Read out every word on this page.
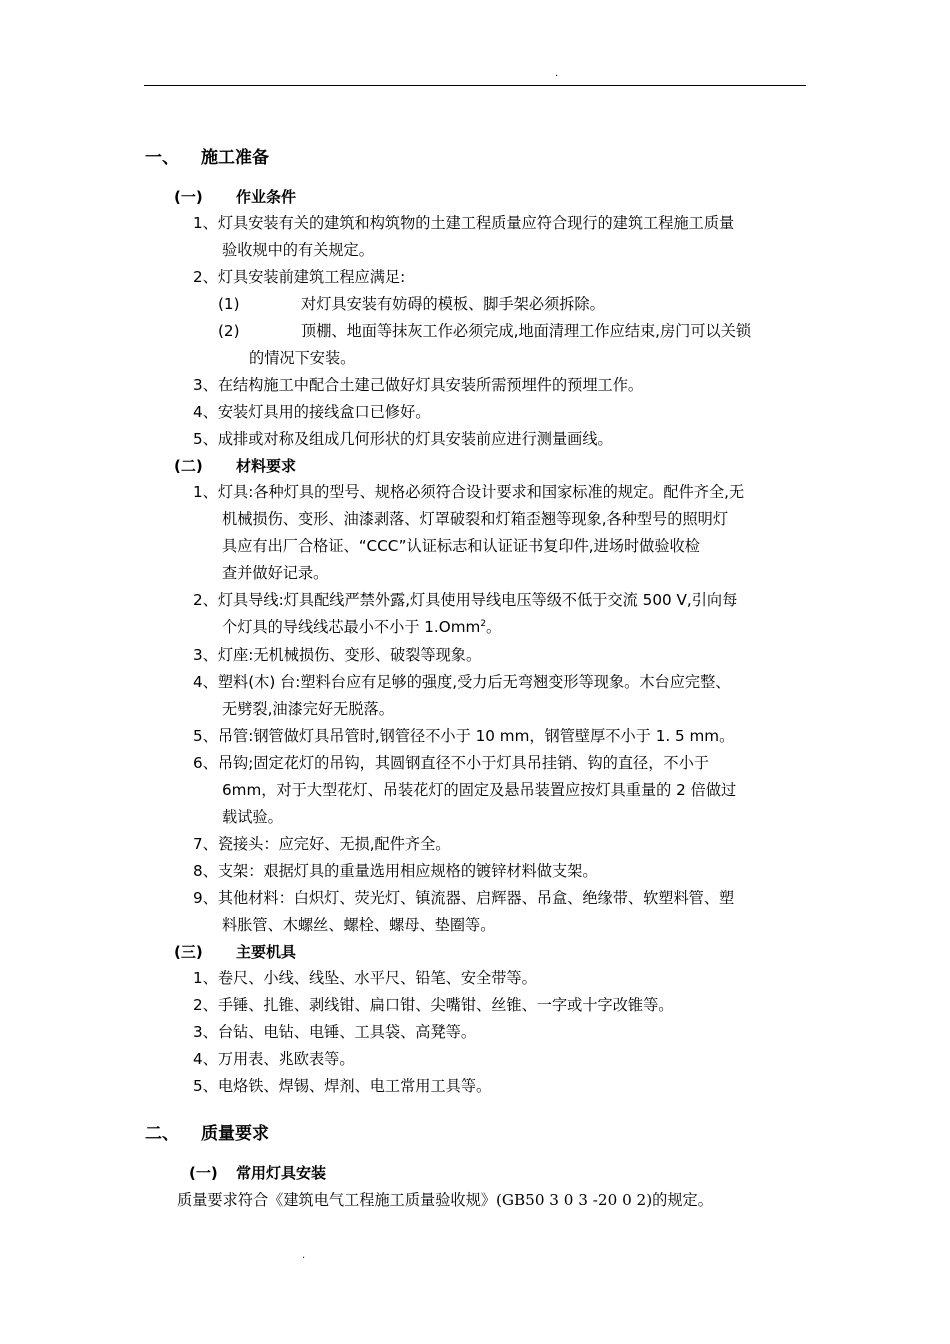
.
一、 施工准备
(一) 作业条件
1、灯具安装有关的建筑和构筑物的土建工程质量应符合现行的建筑工程施工质量
验收规中的有关规定。
2、灯具安装前建筑工程应满足:
(1)	对灯具安装有妨碍的模板、脚手架必须拆除。
(2)	顶棚、地面等抹灰工作必须完成,地面清理工作应结束,房门可以关锁
的情况下安装。
3、在结构施工中配合土建己做好灯具安装所需预埋件的预埋工作。
4、安装灯具用的接线盒口已修好。
5、成排或对称及组成几何形状的灯具安装前应进行测量画线。
(二) 材料要求
1、灯具:各种灯具的型号、规格必须符合设计要求和国家标准的规定。配件齐全,无
机械损伤、变形、油漆剥落、灯罩破裂和灯箱歪翘等现象,各种型号的照明灯
具应有出厂合格证、“CCC”认证标志和认证证书复印件,进场时做验收检
查并做好记录。
2、灯具导线:灯具配线严禁外露,灯具使用导线电压等级不低于交流 500 V,引向每
个灯具的导线线芯最小不小于 1.Omm$^2$。
3、灯座:无机械损伤、变形、破裂等现象。
4、塑料(木) 台:塑料台应有足够的强度,受力后无弯翘变形等现象。木台应完整、
无劈裂,油漆完好无脱落。
5、吊管:钢管做灯具吊管时,钢管径不小于 10 mm，钢管壁厚不小于 1. 5 mm。
6、吊钩;固定花灯的吊钩，其圆钢直径不小于灯具吊挂销、钩的直径，不小于
6mm，对于大型花灯、吊装花灯的固定及悬吊装置应按灯具重量的 2 倍做过
载试验。
7、瓷接头：应完好、无损,配件齐全。
8、支架：艰据灯具的重量选用相应规格的镀锌材料做支架。
9、其他材料：白炽灯、荧光灯、镇流器、启辉器、吊盒、绝缘带、软塑料管、塑
料胀管、木螺丝、螺栓、螺母、垫圈等。
(三) 主要机具
1、卷尺、小线、线坠、水平尺、铅笔、安全带等。
2、手锤、扎锥、剥线钳、扁口钳、尖嘴钳、丝锥、一字或十字改锥等。
3、台钻、电钻、电锤、工具袋、高凳等。
4、万用表、兆欧表等。
5、电烙铁、焊锡、焊剂、电工常用工具等。
二、 质量要求
(一) 常用灯具安装
质量要求符合《建筑电气工程施工质量验收规》(GB50 3 0 3 -20 0 2)的规定。
.
